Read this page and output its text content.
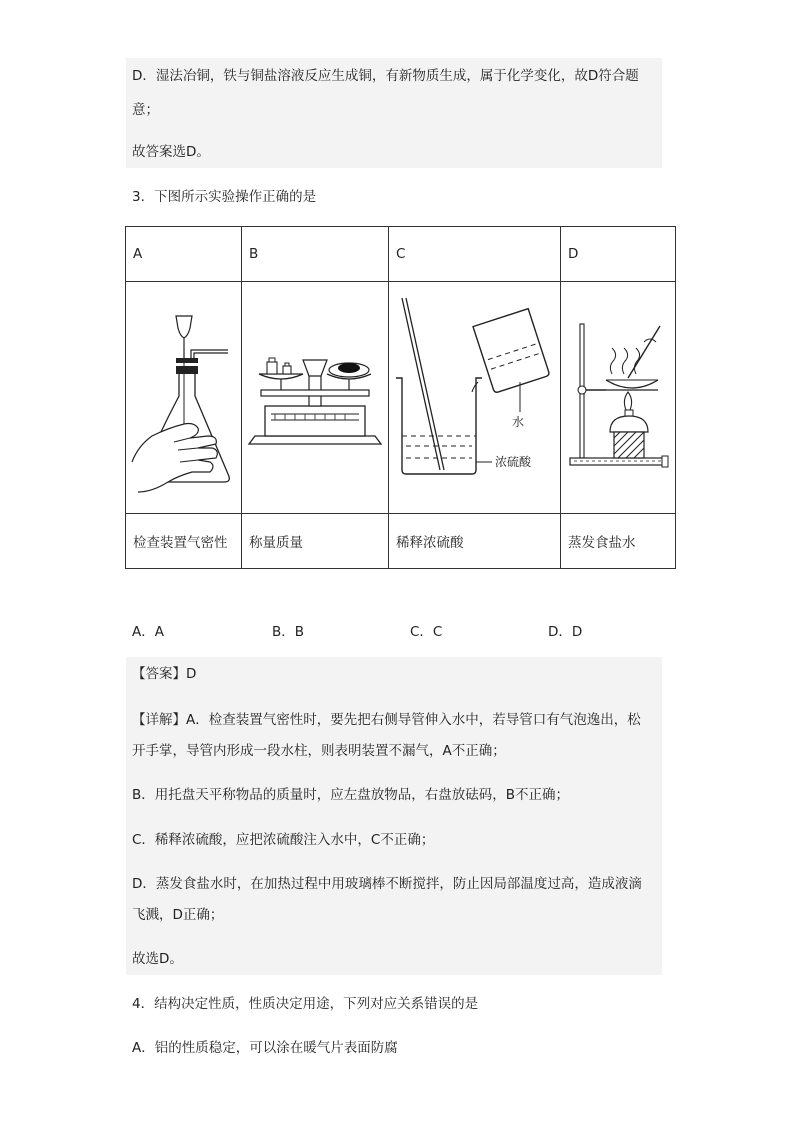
D．湿法冶铜，铁与铜盐溶液反应生成铜，有新物质生成，属于化学变化，故D符合题
意；
故答案选D。
3．下图所示实验操作正确的是
A	B	C	D

水
浓硫酸

检查装置气密性	称量质量	稀释浓硫酸	蒸发食盐水
A．A	B．B	C．C	D．D
【答案】D
【详解】A．检查装置气密性时，要先把右侧导管伸入水中，若导管口有气泡逸出，松
开手掌，导管内形成一段水柱，则表明装置不漏气，A不正确；
B．用托盘天平称物品的质量时，应左盘放物品，右盘放砝码，B不正确；
C．稀释浓硫酸，应把浓硫酸注入水中，C不正确；
D．蒸发食盐水时，在加热过程中用玻璃棒不断搅拌，防止因局部温度过高，造成液滴
飞溅，D正确；
故选D。
4．结构决定性质，性质决定用途，下列对应关系错误的是
A．铝的性质稳定，可以涂在暖气片表面防腐
